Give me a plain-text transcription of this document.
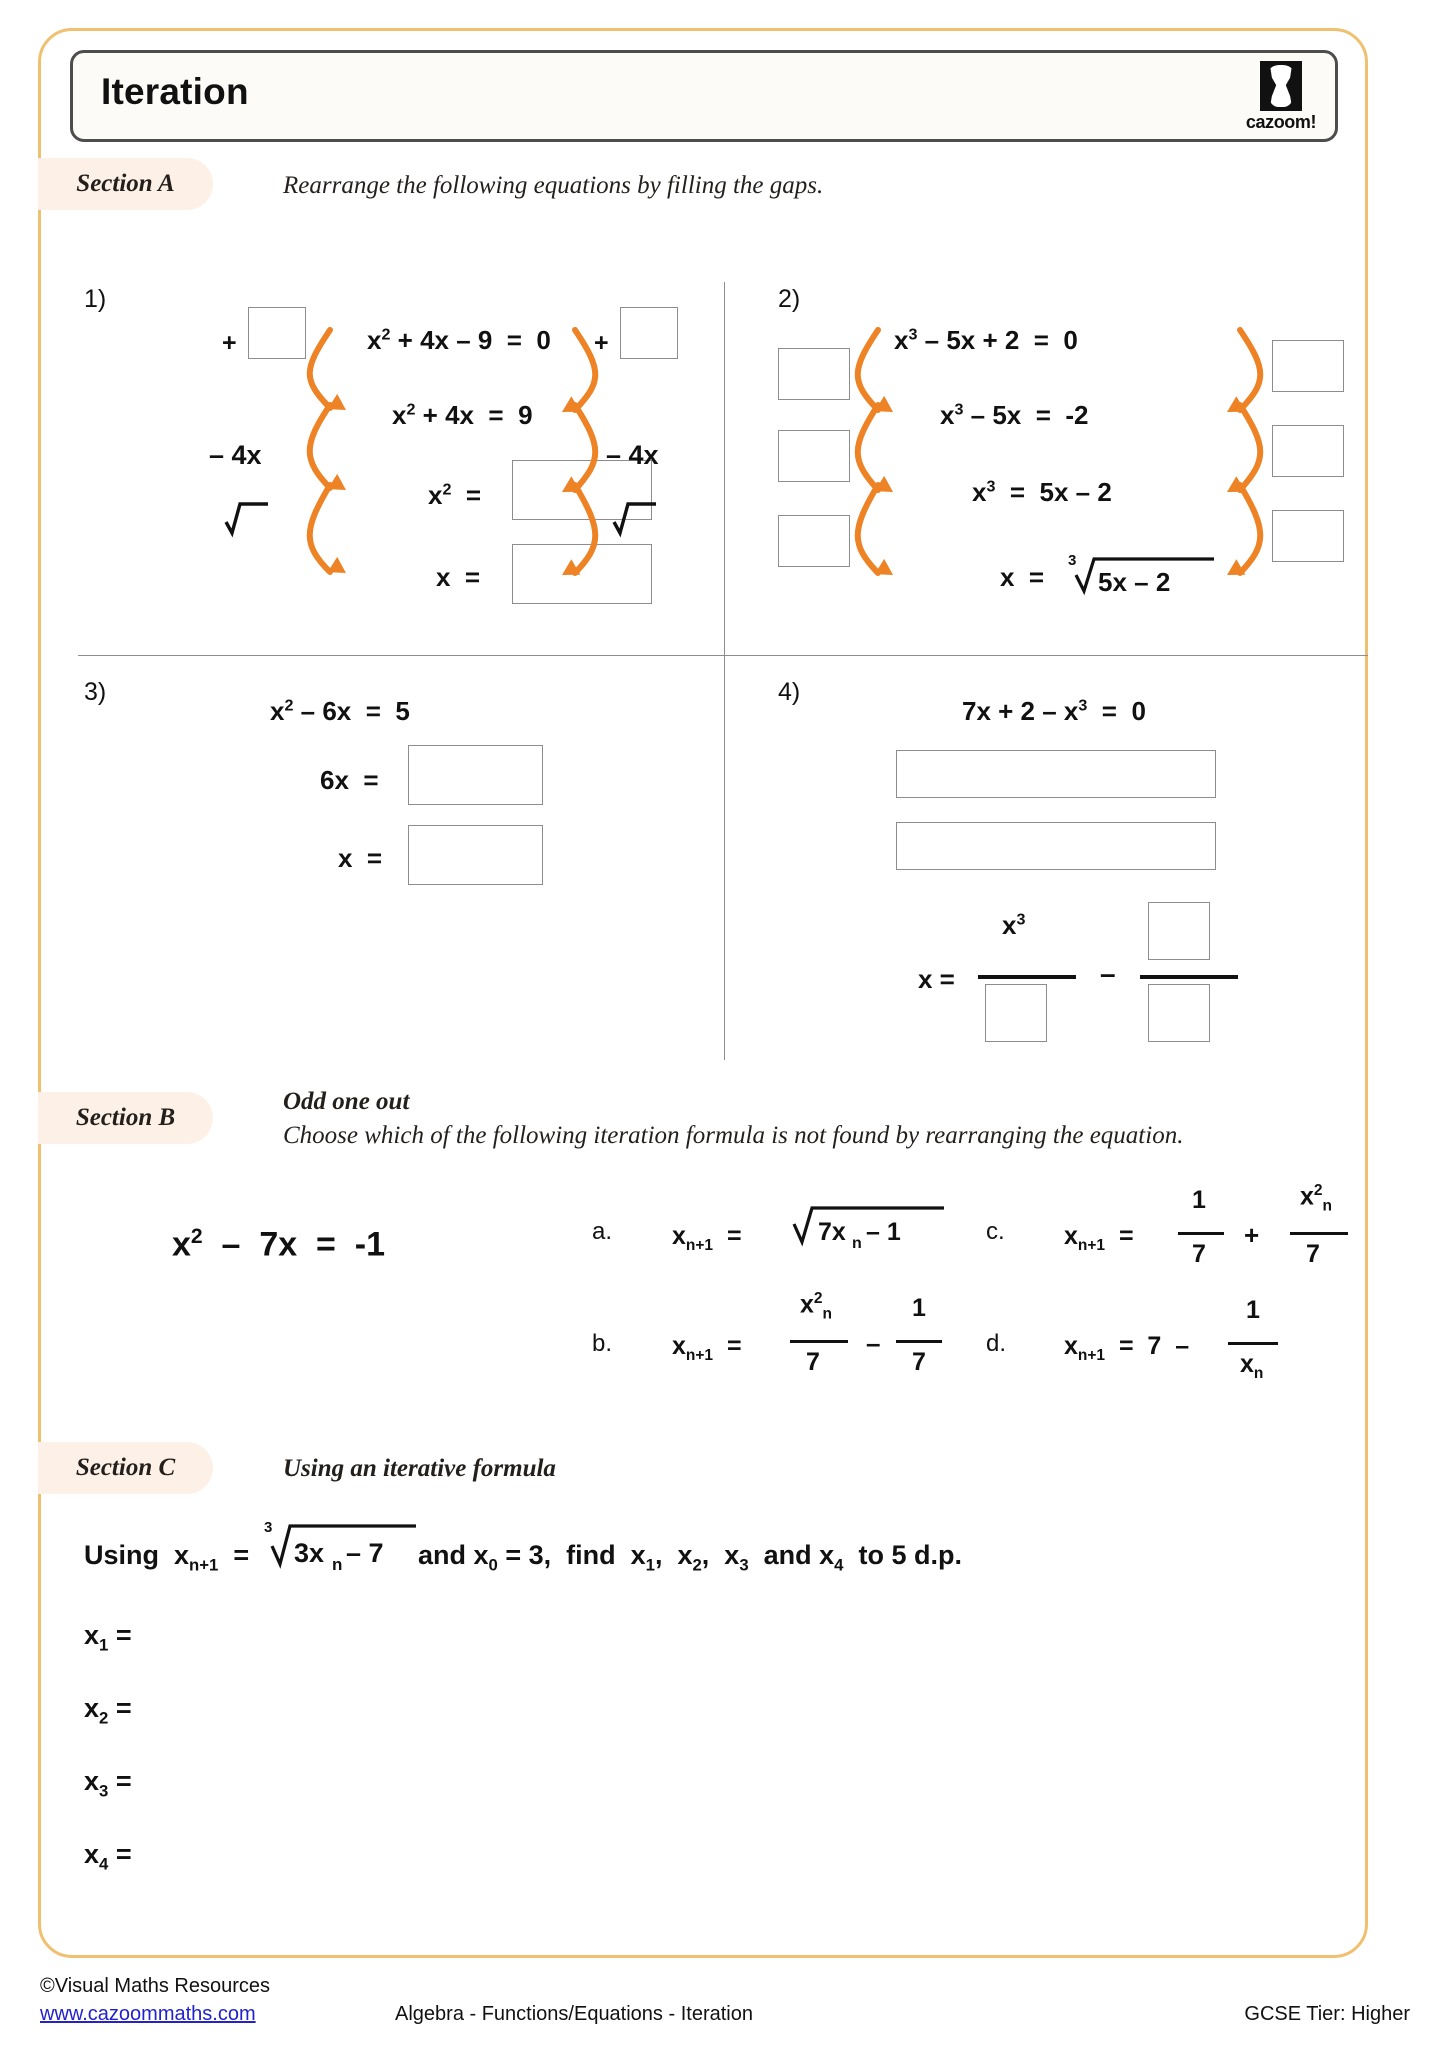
Iteration
cazoom!
Section A	Rearrange the following equations by filling the gaps.
1)
+
– 4x
$x^2 + 4x - 9 = 0$
$x^2 + 4x = 9$
$x^2$  =
x  =
+
– 4x
2)
$x^3 - 5x + 2 = 0$
$x^3 - 5x = -2$
$x^3 = 5x - 2$
x  =
3
5x – 2
3)
$x^2 - 6x = 5$
6x  =
x  =
4)
$7x + 2 - x^3 = 0$
x =
$x^3$
–
Section B
Odd one out
Choose which of the following iteration formula is not found by rearranging the equation.
$x^2 - 7x = -1$	a. $x_{n+1}$  =	7x n – 1
b. $x_{n+1}$  =
$x^2_n$
7
–
1
7
c. $x_{n+1}$  =
1
7
+
$x^2_n$
7
d. $x_{n+1} = 7$  –
1
$x_n$
Section C	Using an iterative formula
Using  $x_{n+1}$  =
3
3x n – 7 and $x_0 = 3$,  find  $x_1$,  $x_2$,  $x_3$  and $x_4$  to 5 d.p.
$x_1$ =
$x_2$ =
$x_3$ =
$x_4$ =
©Visual Maths Resources
www.cazoommaths.com	Algebra - Functions/Equations - Iteration	GCSE Tier: Higher
